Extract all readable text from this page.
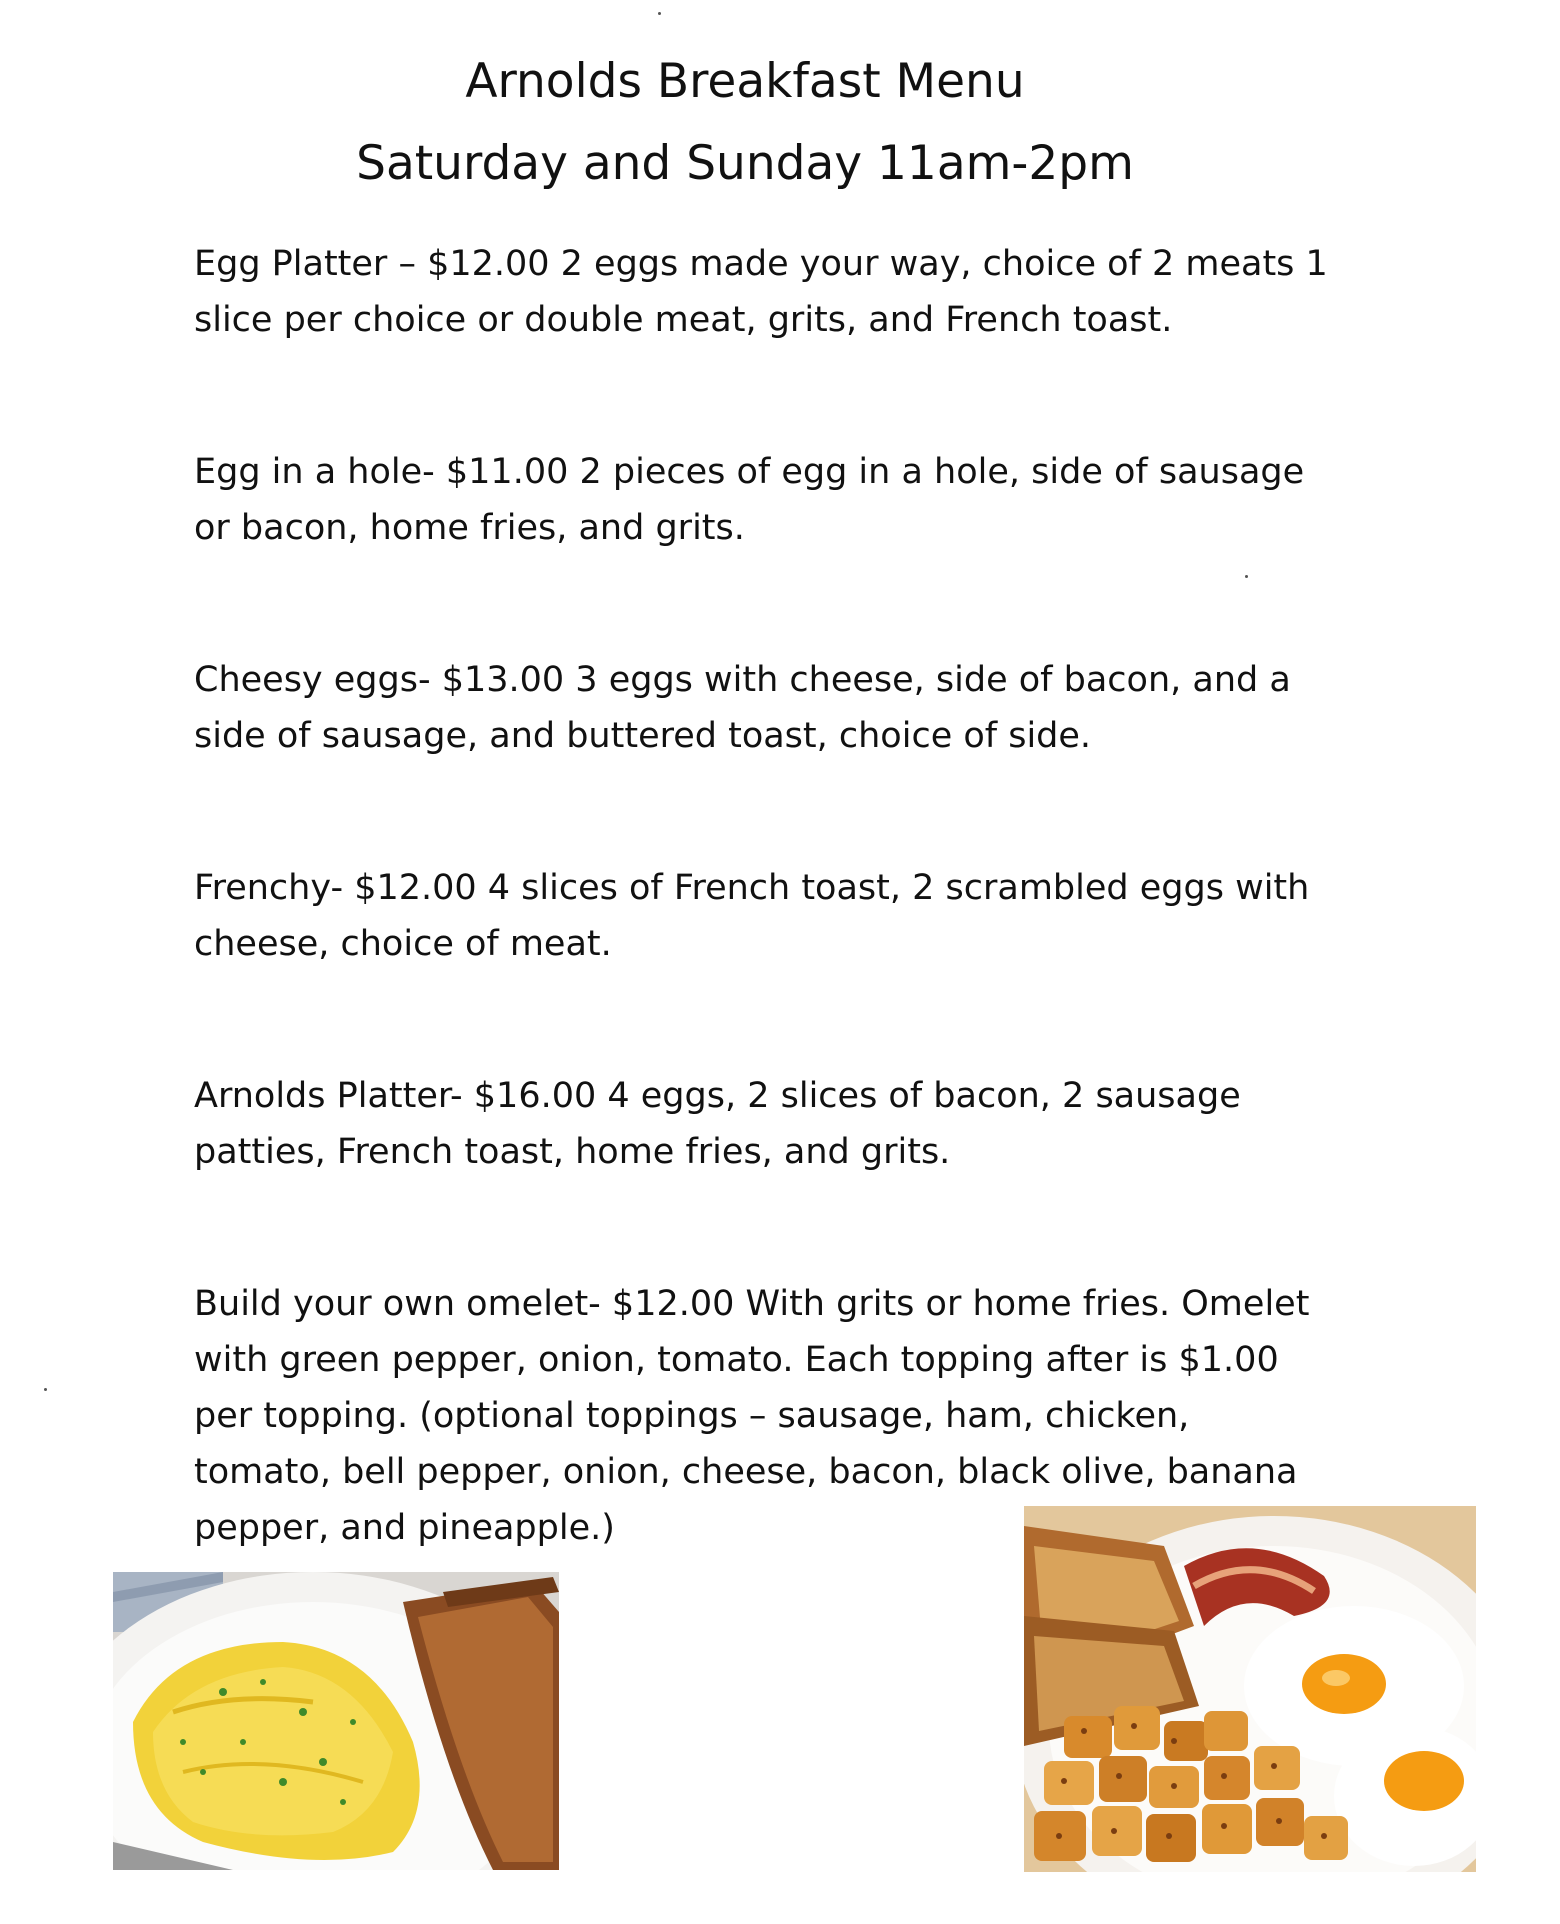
Arnolds Breakfast Menu
Saturday and Sunday 11am-2pm

Egg Platter – $12.00 2 eggs made your way, choice of 2 meats 1

slice per choice or double meat, grits, and French toast.

Egg in a hole- $11.00 2 pieces of egg in a hole, side of sausage

or bacon, home fries, and grits.

Cheesy eggs- $13.00 3 eggs with cheese, side of bacon, and a

side of sausage, and buttered toast, choice of side.

Frenchy- $12.00 4 slices of French toast, 2 scrambled eggs with

cheese, choice of meat.

Arnolds Platter- $16.00 4 eggs, 2 slices of bacon, 2 sausage

patties, French toast, home fries, and grits.

Build your own omelet- $12.00 With grits or home fries. Omelet

with green pepper, onion, tomato. Each topping after is $1.00

per topping. (optional toppings – sausage, ham, chicken,

tomato, bell pepper, onion, cheese, bacon, black olive, banana

pepper, and pineapple.)
